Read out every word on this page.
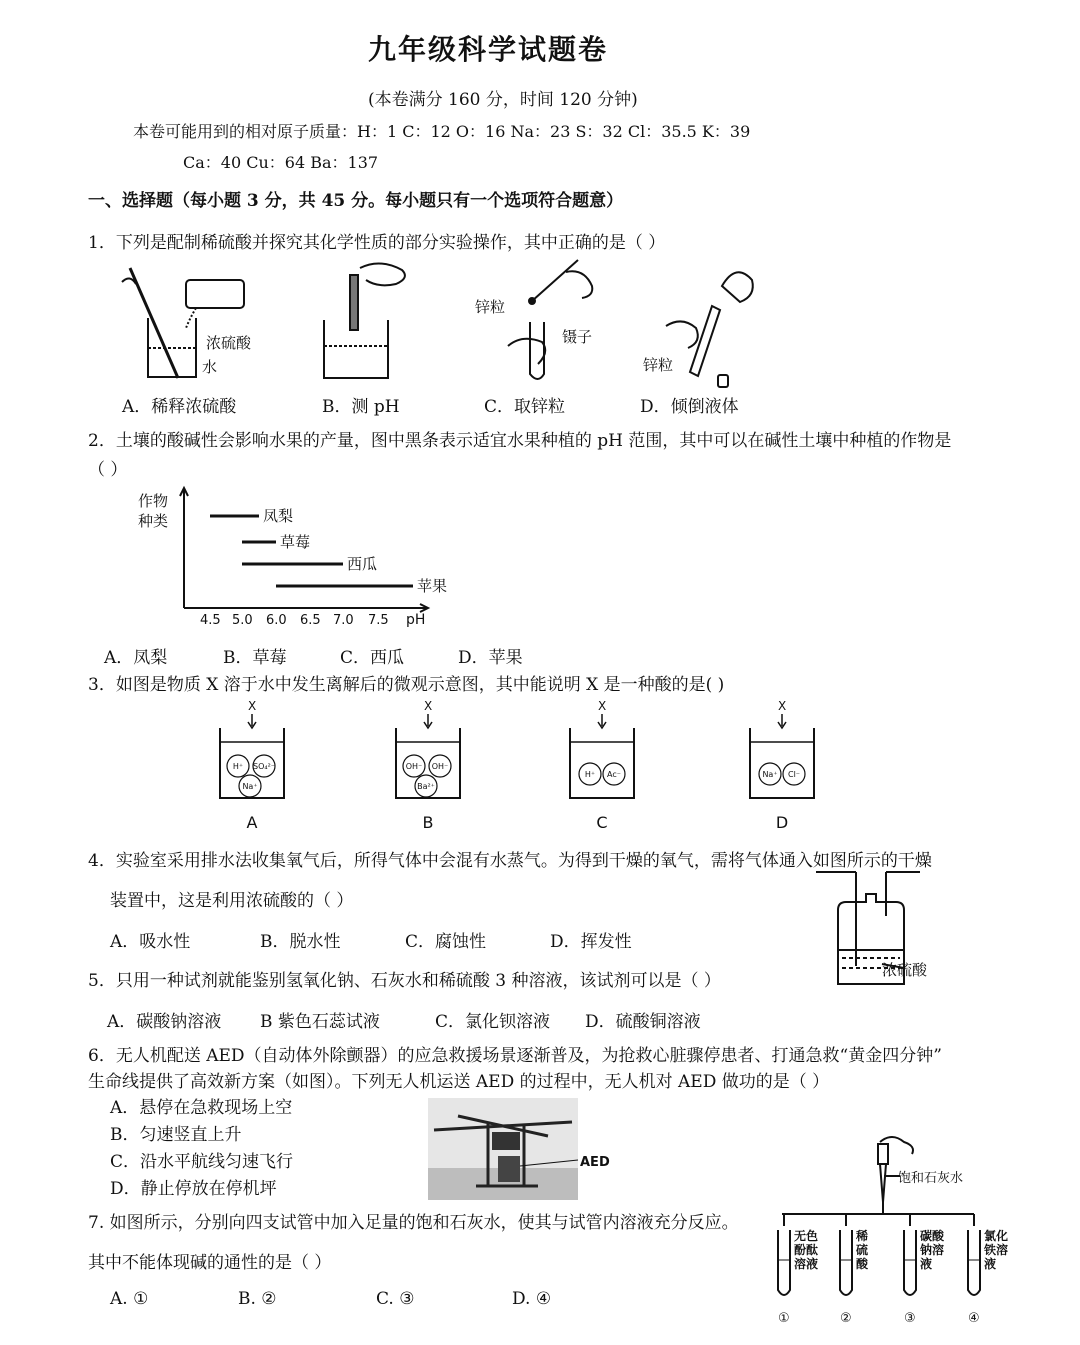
九年级科学试题卷
(本卷满分 160 分，时间 120 分钟)
本卷可能用到的相对原子质量：H：1 C：12 O：16 Na：23 S：32 Cl：35.5 K：39
Ca：40 Cu：64 Ba：137
一、选择题（每小题 3 分，共 45 分。每小题只有一个选项符合题意）
1．下列是配制稀硫酸并探究其化学性质的部分实验操作，其中正确的是（ ）
浓硫酸
水
锌粒
镊子
锌粒
A．稀释浓硫酸	B．测 pH	C．取锌粒	D．倾倒液体
2．土壤的酸碱性会影响水果的产量，图中黑条表示适宜水果种植的 pH 范围，其中可以在碱性土壤中种植的作物是
（ ）
作物
种类
pH
4.5 5.0 6.0 6.5 7.0 7.5
凤梨
草莓
西瓜
苹果
A．凤梨	B．草莓	C．西瓜	D．苹果
3．如图是物质 X 溶于水中发生离解后的微观示意图，其中能说明 X 是一种酸的是( )
X
H⁺ SO₄²⁻
Na⁺
A
X
OH⁻ OH⁻
Ba²⁺
B
X
H⁺ Ac⁻
C
X
Na⁺ Cl⁻
D
4．实验室采用排水法收集氧气后，所得气体中会混有水蒸气。为得到干燥的氧气，需将气体通入如图所示的干燥
装置中，这是利用浓硫酸的（ ）
A．吸水性	B．脱水性	C．腐蚀性	D．挥发性
浓硫酸
5．只用一种试剂就能鉴别氢氧化钠、石灰水和稀硫酸 3 种溶液，该试剂可以是（ ）
A．碳酸钠溶液 B 紫色石蕊试液	C．氯化钡溶液 D．硫酸铜溶液
6．无人机配送 AED（自动体外除颤器）的应急救援场景逐渐普及，为抢救心脏骤停患者、打通急救“黄金四分钟”
生命线提供了高效新方案（如图）。下列无人机运送 AED 的过程中，无人机对 AED 做功的是（ ）
A．悬停在急救现场上空
B．匀速竖直上升
C．沿水平航线匀速飞行
D．静止停放在停机坪
AED
7. 如图所示，分别向四支试管中加入足量的饱和石灰水，使其与试管内溶液充分反应。
其中不能体现碱的通性的是（ ）
A. ①	B. ②	C. ③	D. ④
饱和石灰水
无色
酚酞
溶液
①
稀
硫
酸
②
碳酸
钠溶
液
③
氯化
铁溶
液
④
